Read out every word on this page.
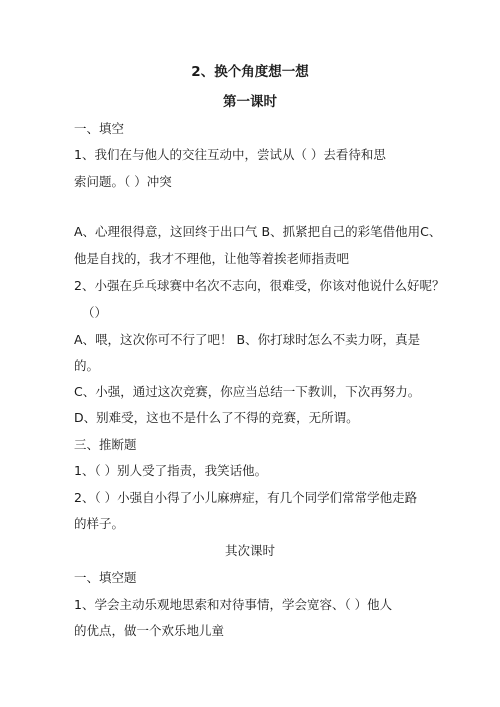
2、换个角度想一想
第一课时
一、填空
1、我们在与他人的交往互动中，尝试从（ ）去看待和思
索问题。（ ）冲突
A、心理很得意，这回终于出口气 B、抓紧把自己的彩笔借他用C、
他是自找的，我才不理他，让他等着挨老师指责吧
2、小强在乒乓球赛中名次不志向，很难受，你该对他说什么好呢？
（）
A、喂，这次你可不行了吧！ B、你打球时怎么不卖力呀，真是
的。
C、小强，通过这次竞赛，你应当总结一下教训，下次再努力。
D、别难受，这也不是什么了不得的竞赛，无所谓。
三、推断题
1、（ ）别人受了指责，我笑话他。
2、（ ）小强自小得了小儿麻痹症，有几个同学们常常学他走路
的样子。
其次课时
一、填空题
1、学会主动乐观地思索和对待事情，学会宽容、（ ）他人
的优点，做一个欢乐地儿童
